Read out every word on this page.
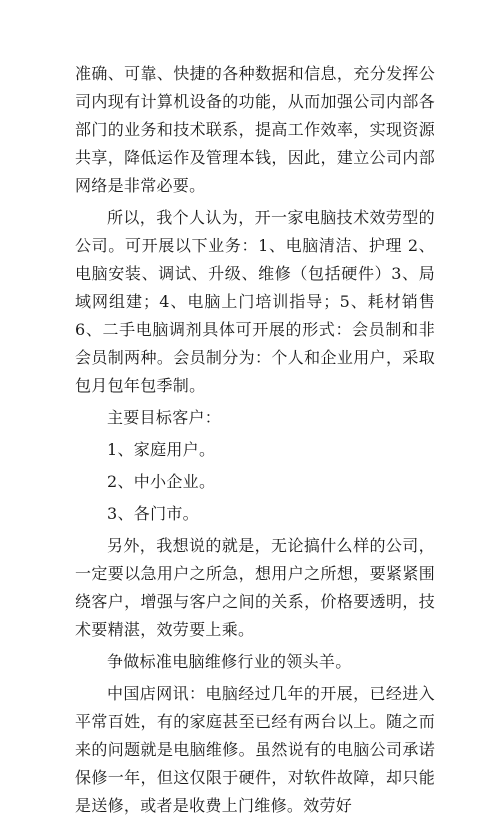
准确、可靠、快捷的各种数据和信息，充分发挥公司内现有计算机设备的功能，从而加强公司内部各部门的业务和技术联系，提高工作效率，实现资源共享，降低运作及管理本钱，因此，建立公司内部网络是非常必要。

所以，我个人认为，开一家电脑技术效劳型的公司。可开展以下业务：1、电脑清洁、护理 2、电脑安装、调试、升级、维修（包括硬件）3、局域网组建；4、电脑上门培训指导；5、耗材销售 6、二手电脑调剂具体可开展的形式：会员制和非会员制两种。会员制分为：个人和企业用户，采取包月包年包季制。

主要目标客户：

1、家庭用户。

2、中小企业。

3、各门市。

另外，我想说的就是，无论搞什么样的公司，一定要以急用户之所急，想用户之所想，要紧紧围绕客户，增强与客户之间的关系，价格要透明，技术要精湛，效劳要上乘。

争做标准电脑维修行业的领头羊。

中国店网讯：电脑经过几年的开展，已经进入平常百姓，有的家庭甚至已经有两台以上。随之而来的问题就是电脑维修。虽然说有的电脑公司承诺保修一年，但这仅限于硬件，对软件故障，却只能是送修，或者是收费上门维修。效劳好
